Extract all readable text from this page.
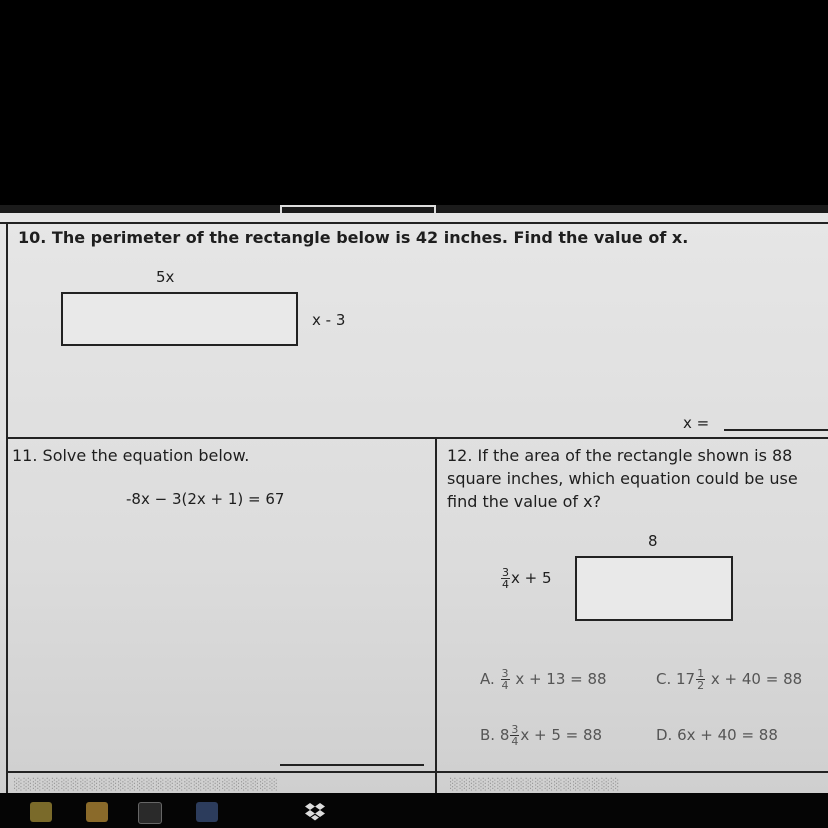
10. The perimeter of the rectangle below is 42 inches. Find the value of x.
5x
x - 3
x =
11. Solve the equation below.
-8x − 3(2x + 1) = 67
12. If the area of the rectangle shown is 88
square inches, which equation could be use
find the value of x?
8
$\frac{3}{4}$ x + 5
A. $\frac{3}{4}$ x + 13 = 88	C. $17 \frac{1}{2}$ x + 40 = 88
B. $8 \frac{3}{4}$ x + 5 = 88	D. 6x + 40 = 88
░░░░░░░░░░░░░░░░░░░░░░░░░░░░	░░░░░░░░░░░░░░░░░░
